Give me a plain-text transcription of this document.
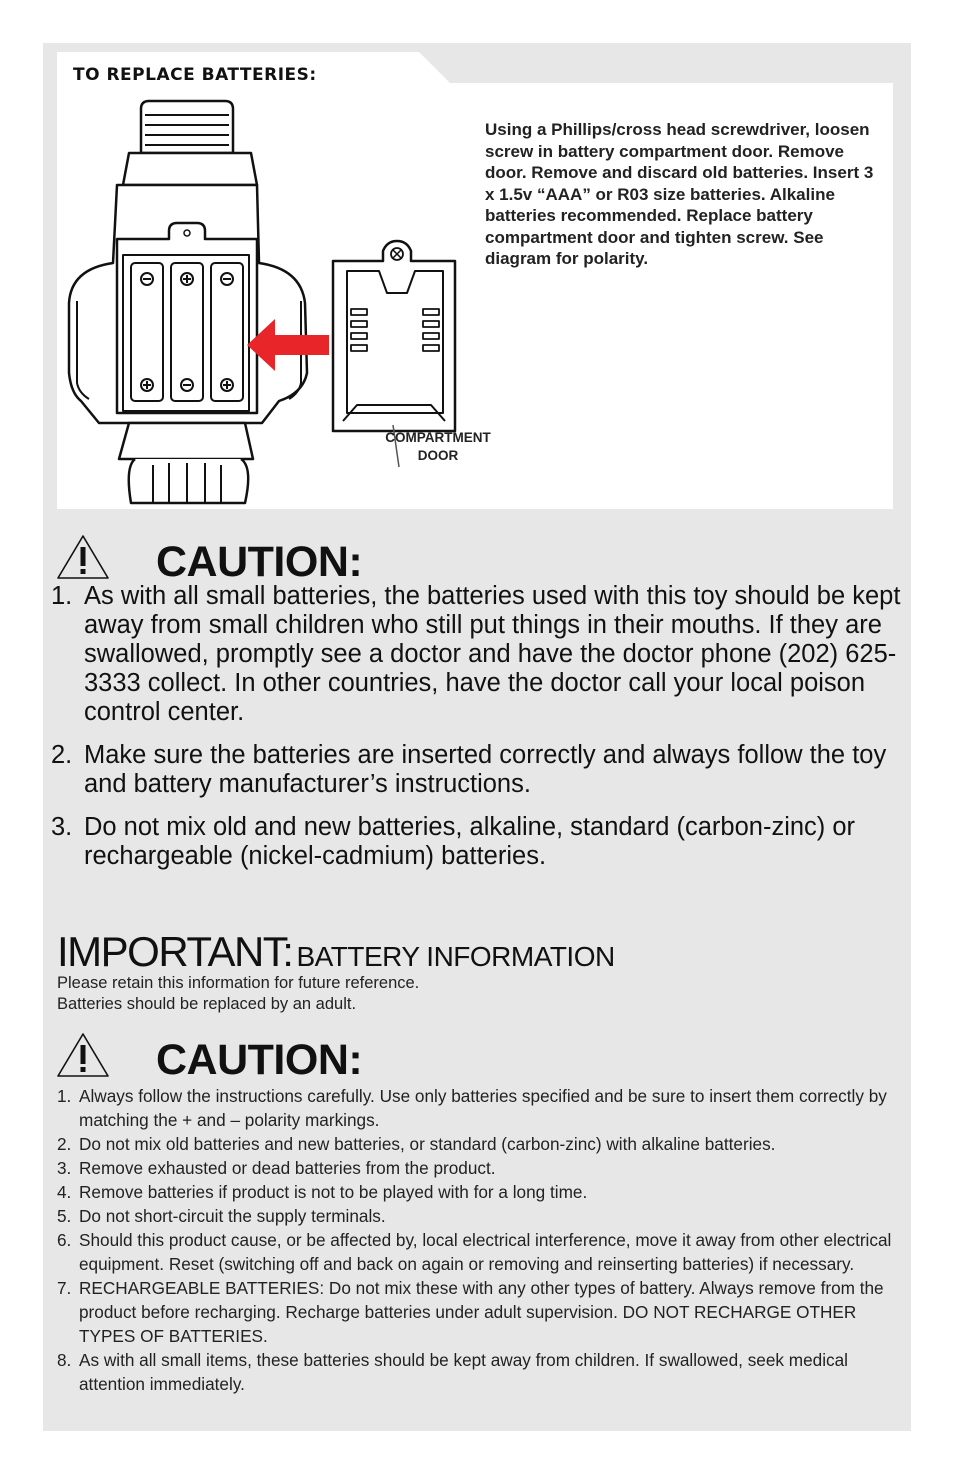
TO REPLACE BATTERIES:
Using a Phillips/cross head screwdriver, loosen screw in battery compartment door. Remove door. Remove and discard old batteries. Insert 3 x 1.5v “AAA” or R03 size batteries. Alkaline batteries recommended. Replace battery compartment door and tighten screw. See diagram for polarity.
COMPARTMENT
DOOR
CAUTION:
1. As with all small batteries, the batteries used with this toy should be kept away from small children who still put things in their mouths. If they are swallowed, promptly see a doctor and have the doctor phone (202) 625-3333 collect. In other countries, have the doctor call your local poison control center.
2. Make sure the batteries are inserted correctly and always follow the toy and battery manufacturer’s instructions.
3. Do not mix old and new batteries, alkaline, standard (carbon-zinc) or rechargeable (nickel-cadmium) batteries.
IMPORTANT: BATTERY INFORMATION
Please retain this information for future reference.
Batteries should be replaced by an adult.
CAUTION:
1. Always follow the instructions carefully. Use only batteries specified and be sure to insert them correctly by matching the + and – polarity markings.
2. Do not mix old batteries and new batteries, or standard (carbon-zinc) with alkaline batteries.
3. Remove exhausted or dead batteries from the product.
4. Remove batteries if product is not to be played with for a long time.
5. Do not short-circuit the supply terminals.
6. Should this product cause, or be affected by, local electrical interference, move it away from other electrical equipment. Reset (switching off and back on again or removing and reinserting batteries) if necessary.
7. RECHARGEABLE BATTERIES: Do not mix these with any other types of battery. Always remove from the product before recharging. Recharge batteries under adult supervision. DO NOT RECHARGE OTHER TYPES OF BATTERIES.
8. As with all small items, these batteries should be kept away from children. If swallowed, seek medical attention immediately.
